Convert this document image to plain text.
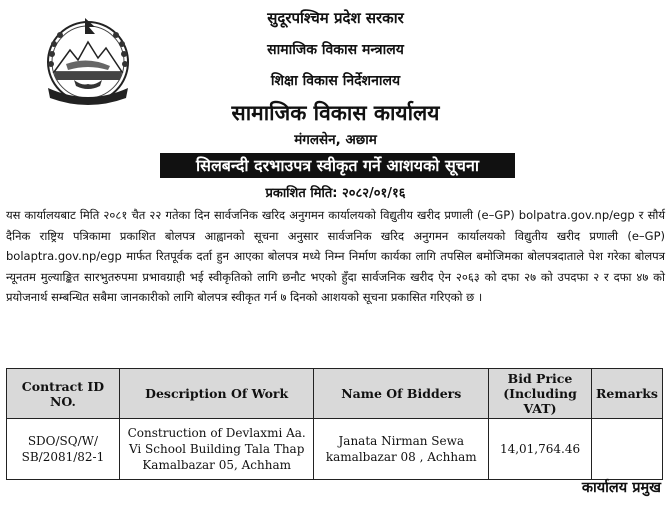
सुदूरपश्चिम प्रदेश सरकार
सामाजिक विकास मन्त्रालय
शिक्षा विकास निर्देशनालय
सामाजिक विकास कार्यालय
मंगलसेन, अछाम
सिलबन्दी दरभाउपत्र स्वीकृत गर्ने आशयको सूचना
प्रकाशित मिति: २०८२/०१/१६
यस कार्यालयबाट मिति २०८१ चैत २२ गतेका दिन सार्वजनिक खरिद अनुगमन कार्यालयको विद्युतीय खरीद प्रणाली (e–GP) bolpatra.gov.np/egp र सौर्य दैनिक राष्ट्रिय पत्रिकामा प्रकाशित बोलपत्र आह्वानको सूचना अनुसार सार्वजनिक खरिद अनुगमन कार्यालयको विद्युतीय खरीद प्रणाली (e–GP) bolaptra.gov.np/egp मार्फत रितपूर्वक दर्ता हुन आएका बोलपत्र मध्ये निम्न निर्माण कार्यका लागि तपसिल बमोजिमका बोलपत्रदाताले पेश गरेका बोलपत्र न्यूनतम मुल्याङ्कित सारभुतरुपमा प्रभावग्राही भई स्वीकृतिको लागि छनौट भएको हुँदा सार्वजनिक खरीद ऐन २०६३ को दफा २७ को उपदफा २ र दफा ४७ को प्रयोजनार्थ सम्बन्धित सबैमा जानकारीको लागि बोलपत्र स्वीकृत गर्न ७ दिनको आशयको सूचना प्रकासित गरिएको छ ।
Contract ID NO.	Description Of Work	Name Of Bidders	Bid Price (Including VAT)	Remarks
SDO/SQ/W/ SB/2081/82-1	Construction of Devlaxmi Aa. Vi School Building Tala Thap Kamalbazar 05, Achham	Janata Nirman Sewa kamalbazar 08 , Achham	14,01,764.46	
कार्यालय प्रमुख
